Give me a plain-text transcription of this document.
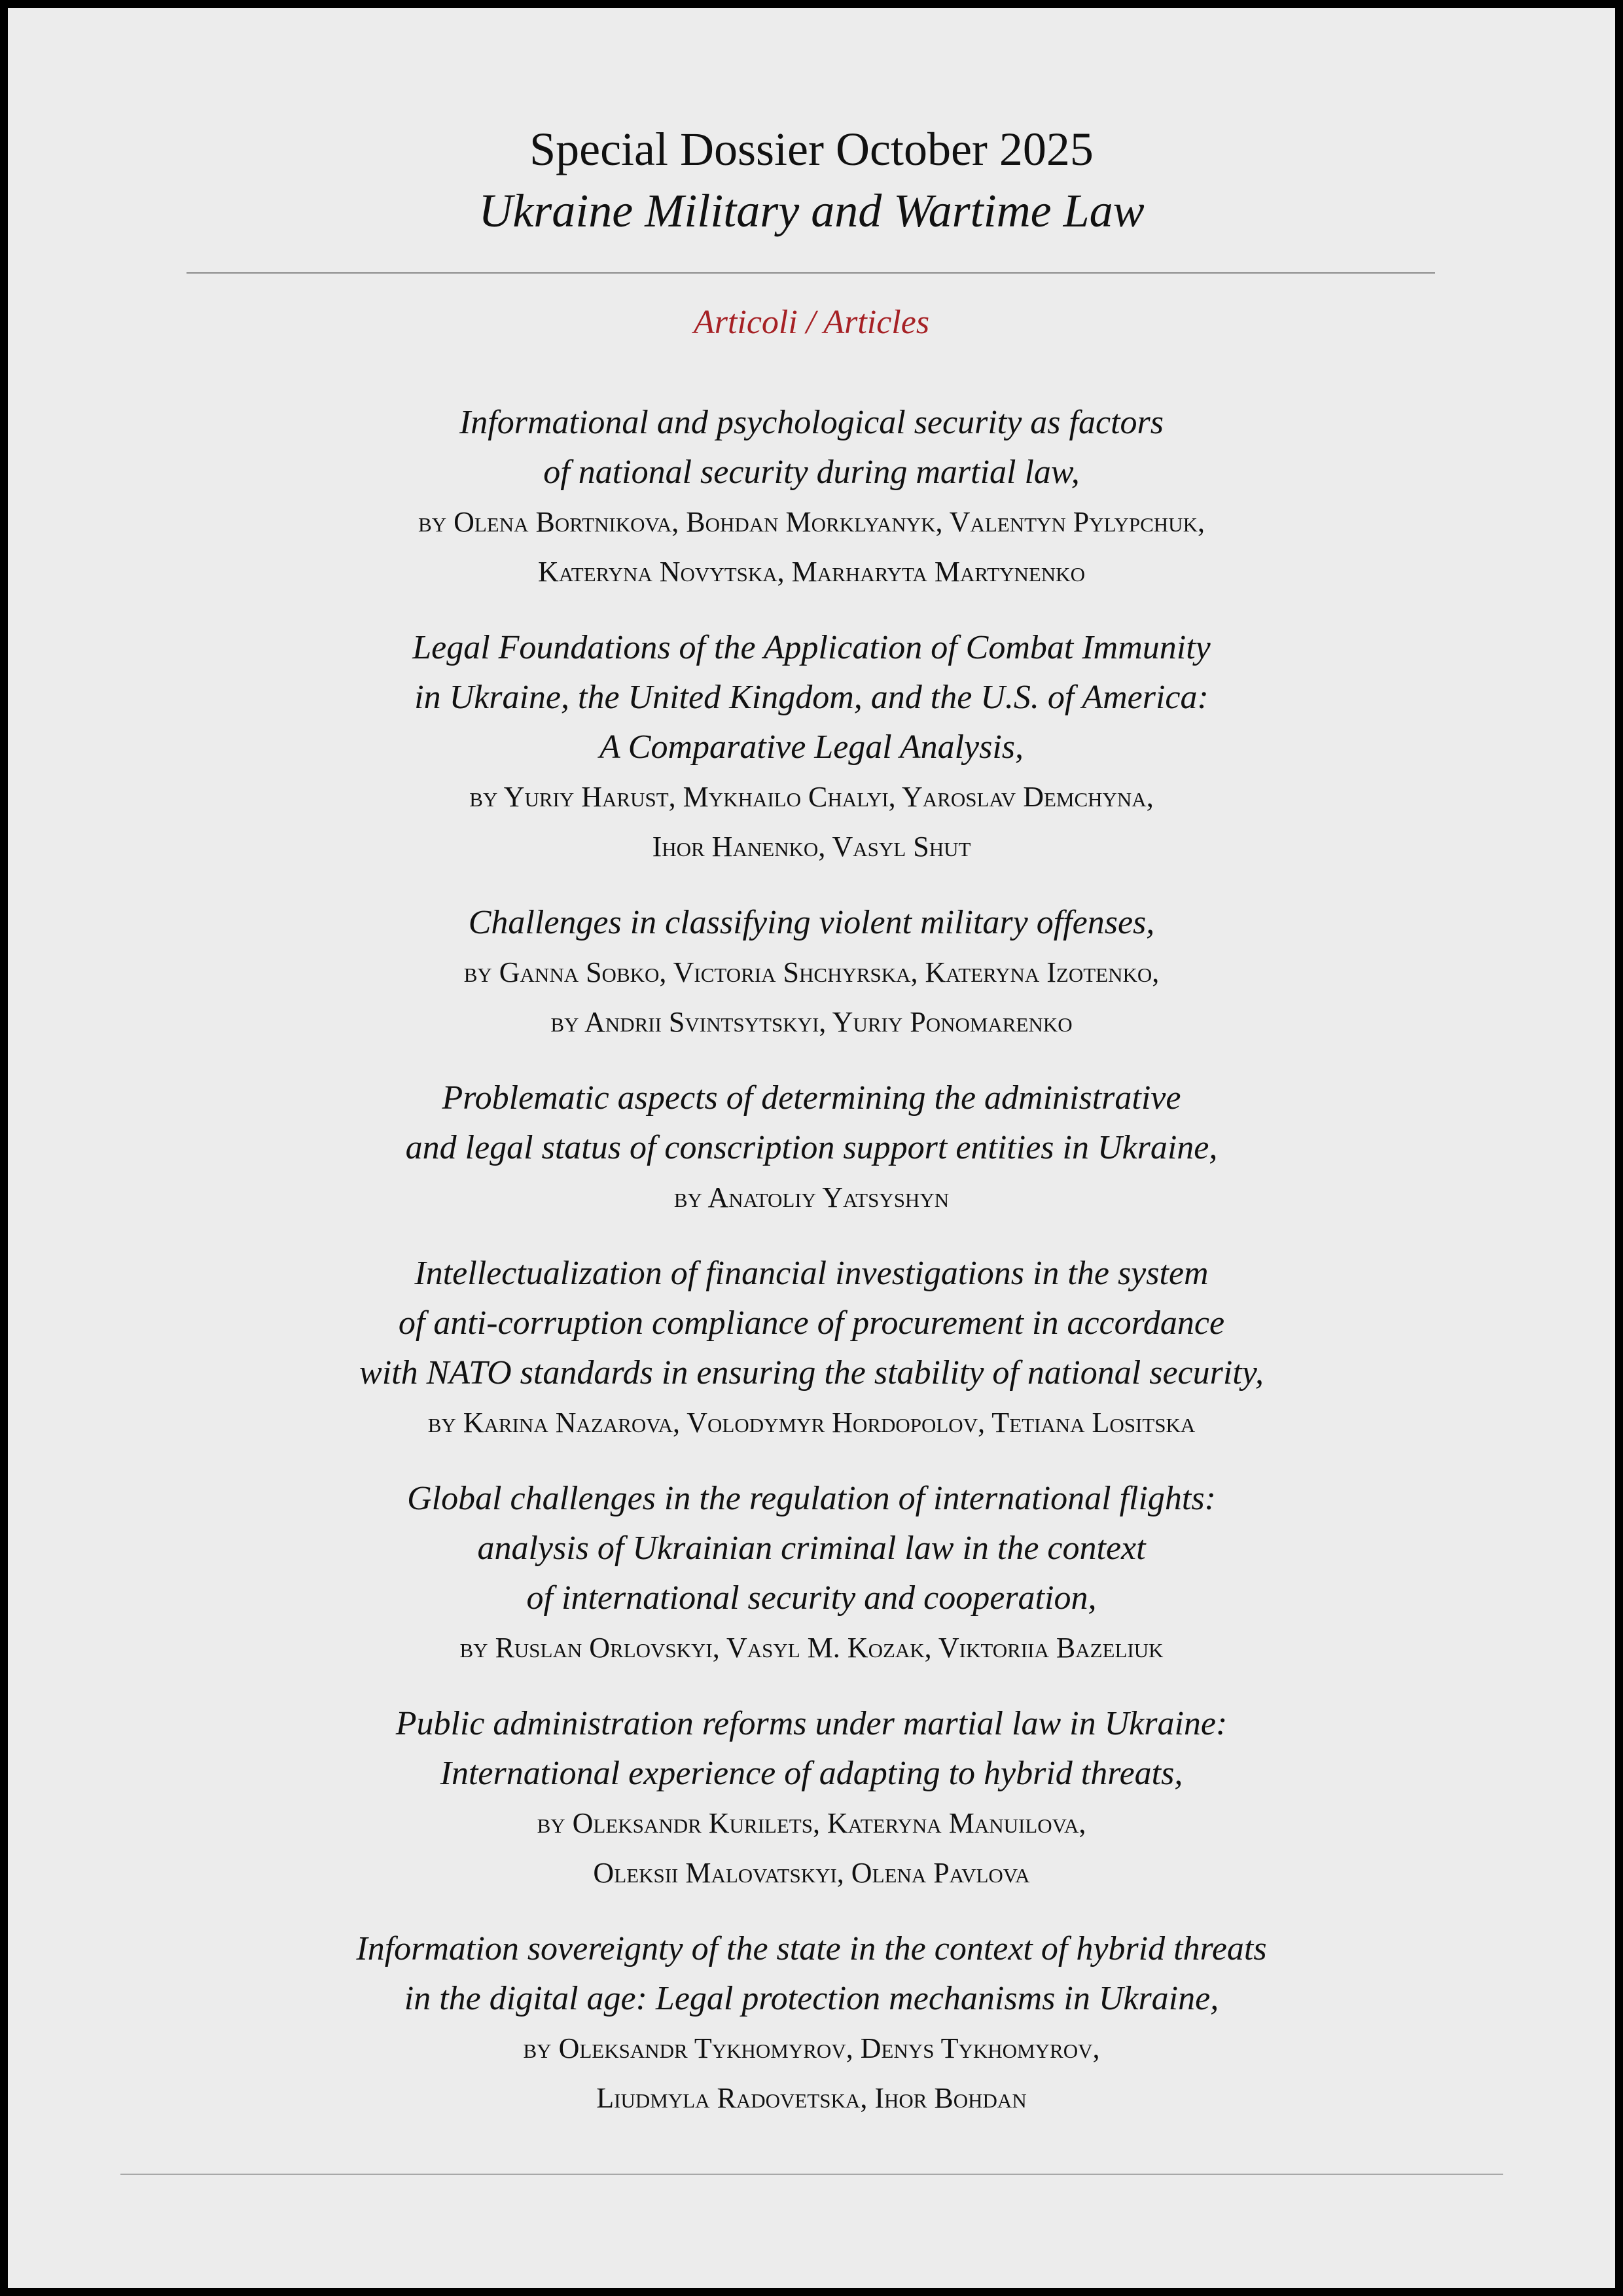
Special Dossier October 2025
Ukraine Military and Wartime Law
Articoli / Articles

Informational and psychological security as factors
of national security during martial law,

by Olena Bortnikova, Bohdan Morklyanyk, Valentyn Pylypchuk,
Kateryna Novytska, Marharyta Martynenko

Legal Foundations of the Application of Combat Immunity
in Ukraine, the United Kingdom, and the U.S. of America:
A Comparative Legal Analysis,

by Yuriy Harust, Mykhailo Chalyi, Yaroslav Demchyna,
Ihor Hanenko, Vasyl Shut

Challenges in classifying violent military offenses,

by Ganna Sobko, Victoria Shchyrska, Kateryna Izotenko,
by Andrii Svintsytskyi, Yuriy Ponomarenko

Problematic aspects of determining the administrative
and legal status of conscription support entities in Ukraine,

by Anatoliy Yatsyshyn

Intellectualization of financial investigations in the system
of anti-corruption compliance of procurement in accordance
with NATO standards in ensuring the stability of national security,

by Karina Nazarova, Volodymyr Hordopolov, Tetiana Lositska

Global challenges in the regulation of international flights:
analysis of Ukrainian criminal law in the context
of international security and cooperation,

by Ruslan Orlovskyi, Vasyl M. Kozak, Viktoriia Bazeliuk

Public administration reforms under martial law in Ukraine:
International experience of adapting to hybrid threats,

by Oleksandr Kurilets, Kateryna Manuilova,
Oleksii Malovatskyi, Olena Pavlova

Information sovereignty of the state in the context of hybrid threats
in the digital age: Legal protection mechanisms in Ukraine,

by Oleksandr Tykhomyrov, Denys Tykhomyrov,
Liudmyla Radovetska, Ihor Bohdan
